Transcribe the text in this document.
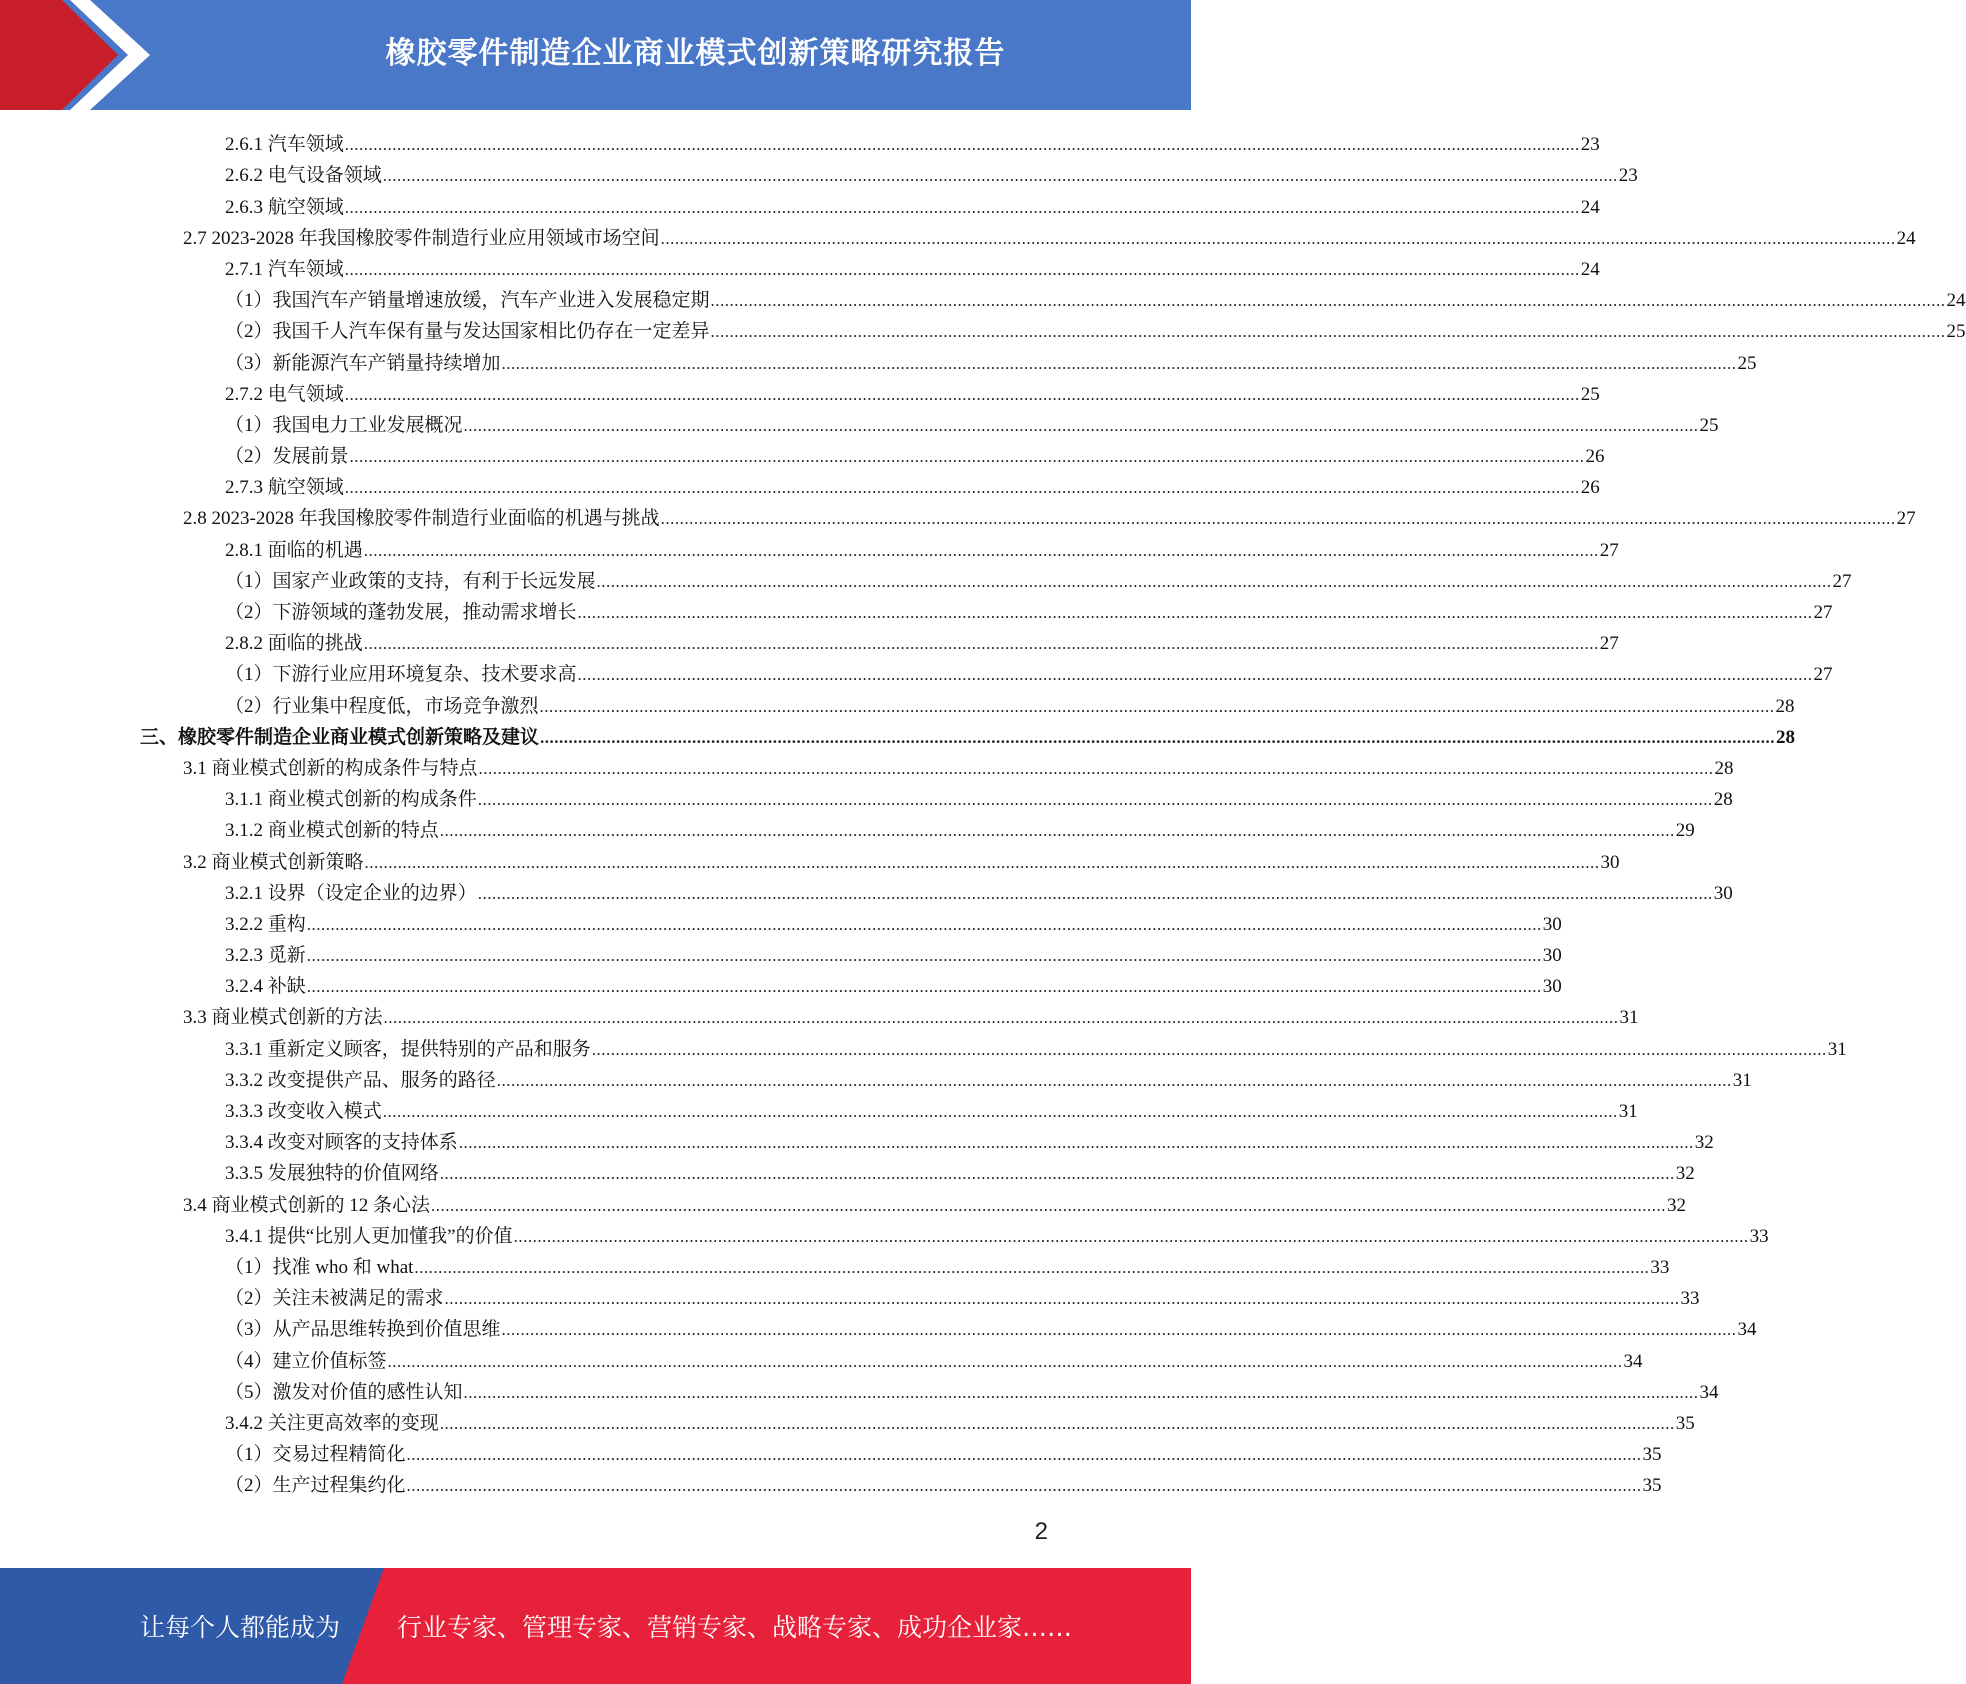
橡胶零件制造企业商业模式创新策略研究报告
2.6.1 汽车领域 .................................................................................................................................................................................................................................................................... 23
2.6.2 电气设备领域 .................................................................................................................................................................................................................................................................... 23
2.6.3 航空领域 .................................................................................................................................................................................................................................................................... 24
2.7 2023-2028 年我国橡胶零件制造行业应用领域市场空间 .................................................................................................................................................................................................................................................................... 24
2.7.1 汽车领域 .................................................................................................................................................................................................................................................................... 24
（1）我国汽车产销量增速放缓，汽车产业进入发展稳定期 .................................................................................................................................................................................................................................................................... 24
（2）我国千人汽车保有量与发达国家相比仍存在一定差异 .................................................................................................................................................................................................................................................................... 25
（3）新能源汽车产销量持续增加 .................................................................................................................................................................................................................................................................... 25
2.7.2 电气领域 .................................................................................................................................................................................................................................................................... 25
（1）我国电力工业发展概况 .................................................................................................................................................................................................................................................................... 25
（2）发展前景 .................................................................................................................................................................................................................................................................... 26
2.7.3 航空领域 .................................................................................................................................................................................................................................................................... 26
2.8 2023-2028 年我国橡胶零件制造行业面临的机遇与挑战 .................................................................................................................................................................................................................................................................... 27
2.8.1 面临的机遇 .................................................................................................................................................................................................................................................................... 27
（1）国家产业政策的支持，有利于长远发展 .................................................................................................................................................................................................................................................................... 27
（2）下游领域的蓬勃发展，推动需求增长 .................................................................................................................................................................................................................................................................... 27
2.8.2 面临的挑战 .................................................................................................................................................................................................................................................................... 27
（1）下游行业应用环境复杂、技术要求高 .................................................................................................................................................................................................................................................................... 27
（2）行业集中程度低，市场竞争激烈 .................................................................................................................................................................................................................................................................... 28
三、橡胶零件制造企业商业模式创新策略及建议 .................................................................................................................................................................................................................................................................... 28
3.1 商业模式创新的构成条件与特点 .................................................................................................................................................................................................................................................................... 28
3.1.1 商业模式创新的构成条件 .................................................................................................................................................................................................................................................................... 28
3.1.2 商业模式创新的特点 .................................................................................................................................................................................................................................................................... 29
3.2 商业模式创新策略 .................................................................................................................................................................................................................................................................... 30
3.2.1 设界（设定企业的边界） .................................................................................................................................................................................................................................................................... 30
3.2.2 重构 .................................................................................................................................................................................................................................................................... 30
3.2.3 觅新 .................................................................................................................................................................................................................................................................... 30
3.2.4 补缺 .................................................................................................................................................................................................................................................................... 30
3.3 商业模式创新的方法 .................................................................................................................................................................................................................................................................... 31
3.3.1 重新定义顾客，提供特别的产品和服务 .................................................................................................................................................................................................................................................................... 31
3.3.2 改变提供产品、服务的路径 .................................................................................................................................................................................................................................................................... 31
3.3.3 改变收入模式 .................................................................................................................................................................................................................................................................... 31
3.3.4 改变对顾客的支持体系 .................................................................................................................................................................................................................................................................... 32
3.3.5 发展独特的价值网络 .................................................................................................................................................................................................................................................................... 32
3.4 商业模式创新的 12 条心法 .................................................................................................................................................................................................................................................................... 32
3.4.1 提供“比别人更加懂我”的价值 .................................................................................................................................................................................................................................................................... 33
（1）找准 who 和 what .................................................................................................................................................................................................................................................................... 33
（2）关注未被满足的需求 .................................................................................................................................................................................................................................................................... 33
（3）从产品思维转换到价值思维 .................................................................................................................................................................................................................................................................... 34
（4）建立价值标签 .................................................................................................................................................................................................................................................................... 34
（5）激发对价值的感性认知 .................................................................................................................................................................................................................................................................... 34
3.4.2 关注更高效率的变现 .................................................................................................................................................................................................................................................................... 35
（1）交易过程精简化 .................................................................................................................................................................................................................................................................... 35
（2）生产过程集约化 .................................................................................................................................................................................................................................................................... 35
2
让每个人都能成为 行业专家、管理专家、营销专家、战略专家、成功企业家……
